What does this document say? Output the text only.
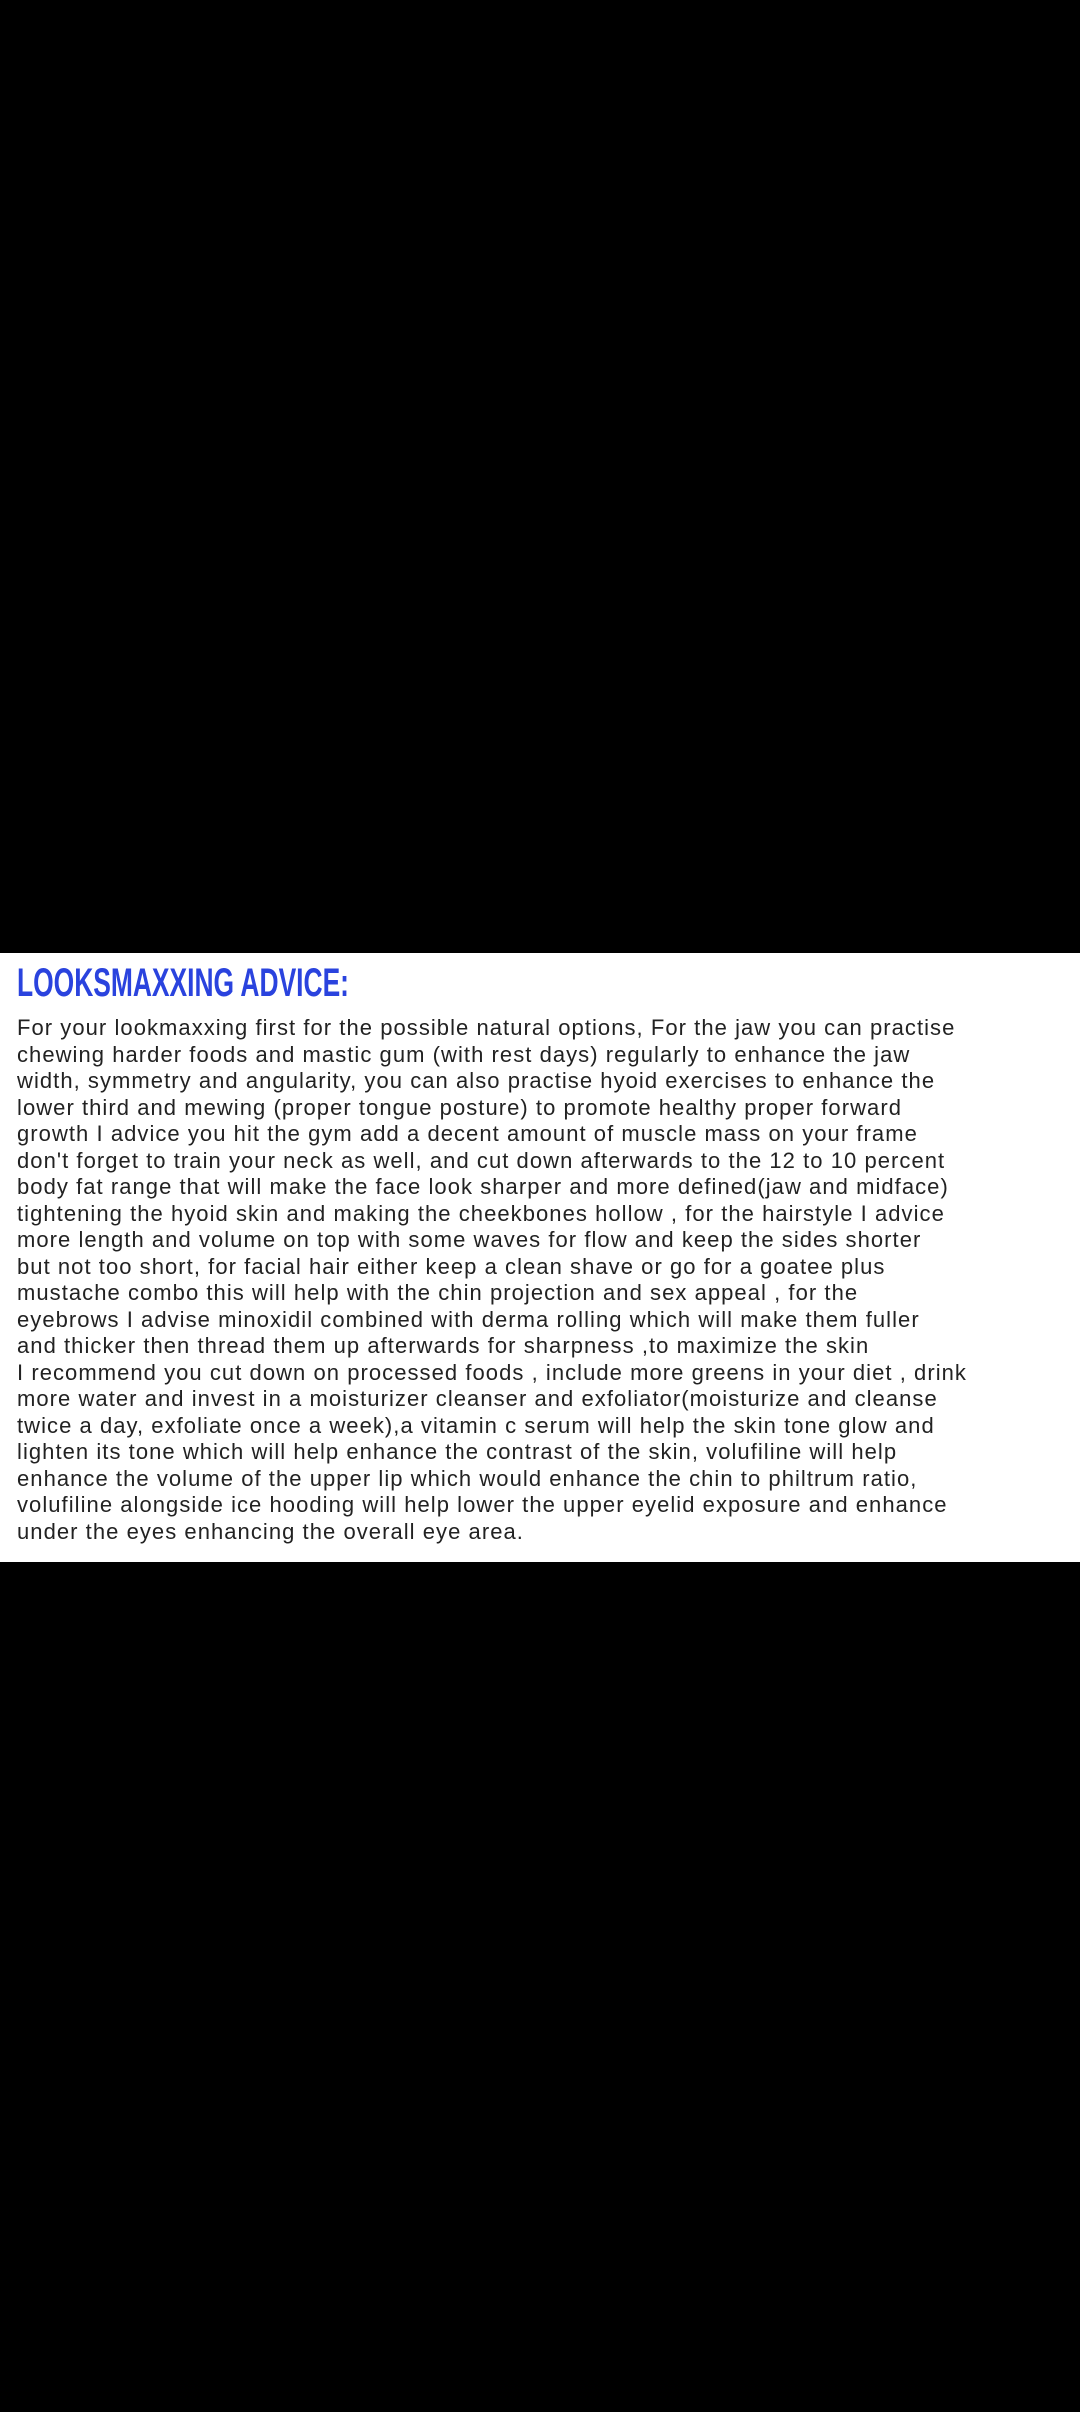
LOOKSMAXXING ADVICE:
For your lookmaxxing first for the possible natural options, For the jaw you can practise
chewing harder foods and mastic gum (with rest days) regularly to enhance the jaw
width, symmetry and angularity, you can also practise hyoid exercises to enhance the
lower third and mewing (proper tongue posture) to promote healthy proper forward
growth I advice you hit the gym add a decent amount of muscle mass on your frame
don't forget to train your neck as well, and cut down afterwards to the 12 to 10 percent
body fat range that will make the face look sharper and more defined(jaw and midface)
tightening the hyoid skin and making the cheekbones hollow , for the hairstyle I advice
more length and volume on top with some waves for flow and keep the sides shorter
but not too short, for facial hair either keep a clean shave or go for a goatee plus
mustache combo this will help with the chin projection and sex appeal , for the
eyebrows I advise minoxidil combined with derma rolling which will make them fuller
and thicker then thread them up afterwards for sharpness ,to maximize the skin
I recommend you cut down on processed foods , include more greens in your diet , drink
more water and invest in a moisturizer cleanser and exfoliator(moisturize and cleanse
twice a day, exfoliate once a week),a vitamin c serum will help the skin tone glow and
lighten its tone which will help enhance the contrast of the skin, volufiline will help
enhance the volume of the upper lip which would enhance the chin to philtrum ratio,
volufiline alongside ice hooding will help lower the upper eyelid exposure and enhance
under the eyes enhancing the overall eye area.
